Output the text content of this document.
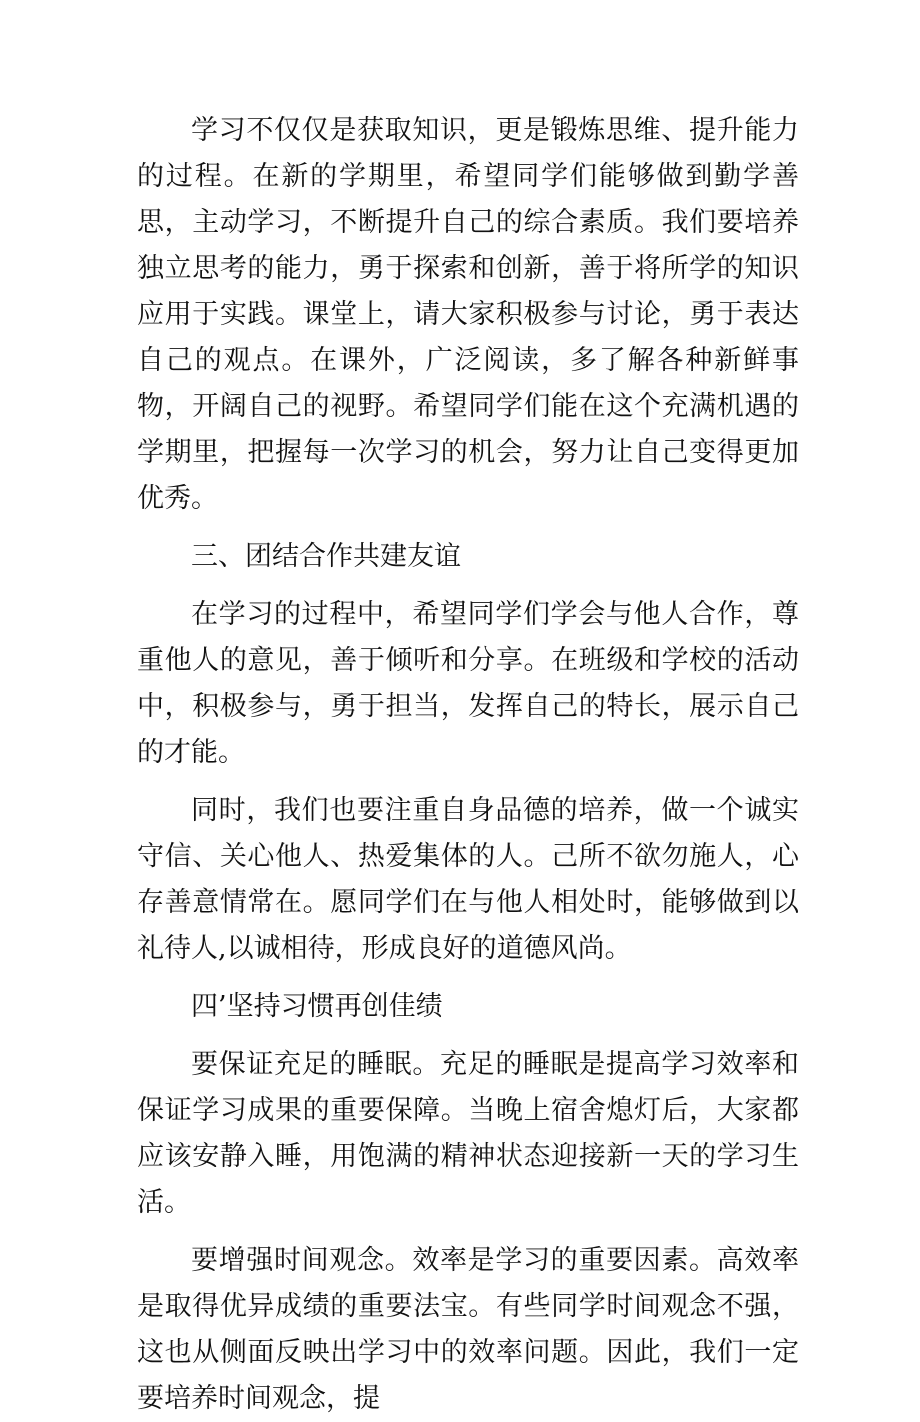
学习不仅仅是获取知识，更是锻炼思维、提升能力的过程。在新的学期里，希望同学们能够做到勤学善思，主动学习，不断提升自己的综合素质。我们要培养独立思考的能力，勇于探索和创新，善于将所学的知识应用于实践。课堂上，请大家积极参与讨论，勇于表达自己的观点。在课外，广泛阅读，多了解各种新鲜事物，开阔自己的视野。希望同学们能在这个充满机遇的学期里，把握每一次学习的机会，努力让自己变得更加优秀。

三、团结合作共建友谊

在学习的过程中，希望同学们学会与他人合作，尊重他人的意见，善于倾听和分享。在班级和学校的活动中，积极参与，勇于担当，发挥自己的特长，展示自己的才能。

同时，我们也要注重自身品德的培养，做一个诚实守信、关心他人、热爱集体的人。己所不欲勿施人，心存善意情常在。愿同学们在与他人相处时，能够做到以礼待人,以诚相待，形成良好的道德风尚。

四’坚持习惯再创佳绩

要保证充足的睡眠。充足的睡眠是提高学习效率和保证学习成果的重要保障。当晚上宿舍熄灯后，大家都应该安静入睡，用饱满的精神状态迎接新一天的学习生活。

要增强时间观念。效率是学习的重要因素。高效率是取得优异成绩的重要法宝。有些同学时间观念不强，这也从侧面反映出学习中的效率问题。因此，我们一定要培养时间观念，提
